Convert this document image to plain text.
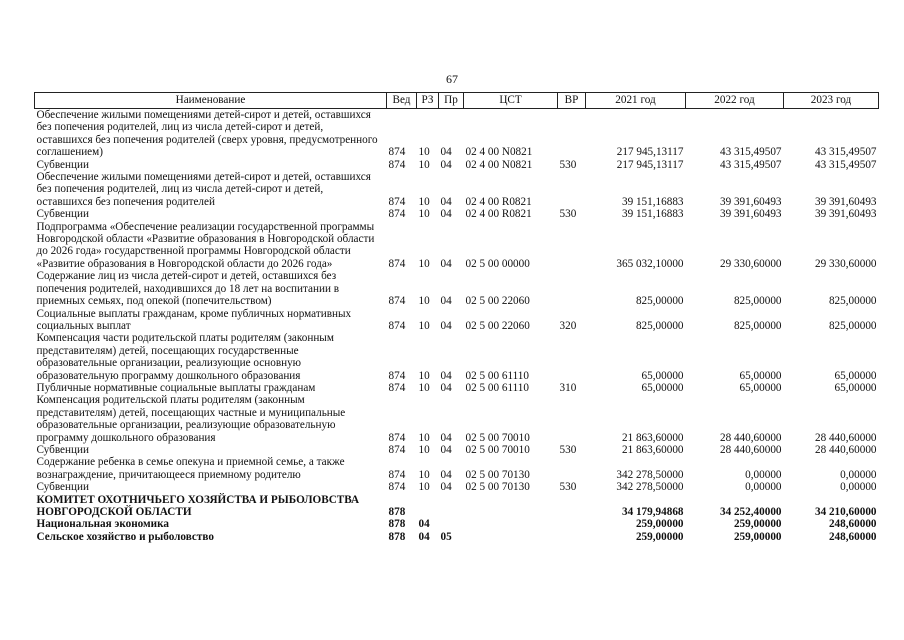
67
Наименование	Вед	РЗ	Пр	ЦСТ	ВР	2021 год	2022 год	2023 год
Обеспечение жилыми помещениями детей-сирот и детей, оставшихся без попечения родителей, лиц из числа детей-сирот и детей, оставшихся без попечения родителей (сверх уровня, предусмотренного соглашением)	874	10	04	02 4 00 N0821		217 945,13117	43 315,49507	43 315,49507
Субвенции	874	10	04	02 4 00 N0821	530	217 945,13117	43 315,49507	43 315,49507
Обеспечение жилыми помещениями детей-сирот и детей, оставшихся без попечения родителей, лиц из числа детей-сирот и детей, оставшихся без попечения родителей	874	10	04	02 4 00 R0821		39 151,16883	39 391,60493	39 391,60493
Субвенции	874	10	04	02 4 00 R0821	530	39 151,16883	39 391,60493	39 391,60493
Подпрограмма «Обеспечение реализации государственной программы Новгородской области «Развитие образования в Новгородской области до 2026 года» государственной программы Новгородской области «Развитие образования в Новгородской области до 2026 года»	874	10	04	02 5 00 00000		365 032,10000	29 330,60000	29 330,60000
Содержание лиц из числа детей-сирот и детей, оставшихся без попечения родителей, находившихся до 18 лет на воспитании в приемных семьях, под опекой (попечительством)	874	10	04	02 5 00 22060		825,00000	825,00000	825,00000
Социальные выплаты гражданам, кроме публичных нормативных социальных выплат	874	10	04	02 5 00 22060	320	825,00000	825,00000	825,00000
Компенсация части родительской платы родителям (законным представителям) детей, посещающих государственные образовательные организации, реализующие основную образовательную программу дошкольного образования	874	10	04	02 5 00 61110		65,00000	65,00000	65,00000
Публичные нормативные социальные выплаты гражданам	874	10	04	02 5 00 61110	310	65,00000	65,00000	65,00000
Компенсация родительской платы родителям (законным представителям) детей, посещающих частные и муниципальные образовательные организации, реализующие образовательную программу дошкольного образования	874	10	04	02 5 00 70010		21 863,60000	28 440,60000	28 440,60000
Субвенции	874	10	04	02 5 00 70010	530	21 863,60000	28 440,60000	28 440,60000
Содержание ребенка в семье опекуна и приемной семье, а также вознаграждение, причитающееся приемному родителю	874	10	04	02 5 00 70130		342 278,50000	0,00000	0,00000
Субвенции	874	10	04	02 5 00 70130	530	342 278,50000	0,00000	0,00000
КОМИТЕТ ОХОТНИЧЬЕГО ХОЗЯЙСТВА И РЫБОЛОВСТВА НОВГОРОДСКОЙ ОБЛАСТИ	878					34 179,94868	34 252,40000	34 210,60000
Национальная экономика	878	04				259,00000	259,00000	248,60000
Сельское хозяйство и рыболовство	878	04	05			259,00000	259,00000	248,60000
